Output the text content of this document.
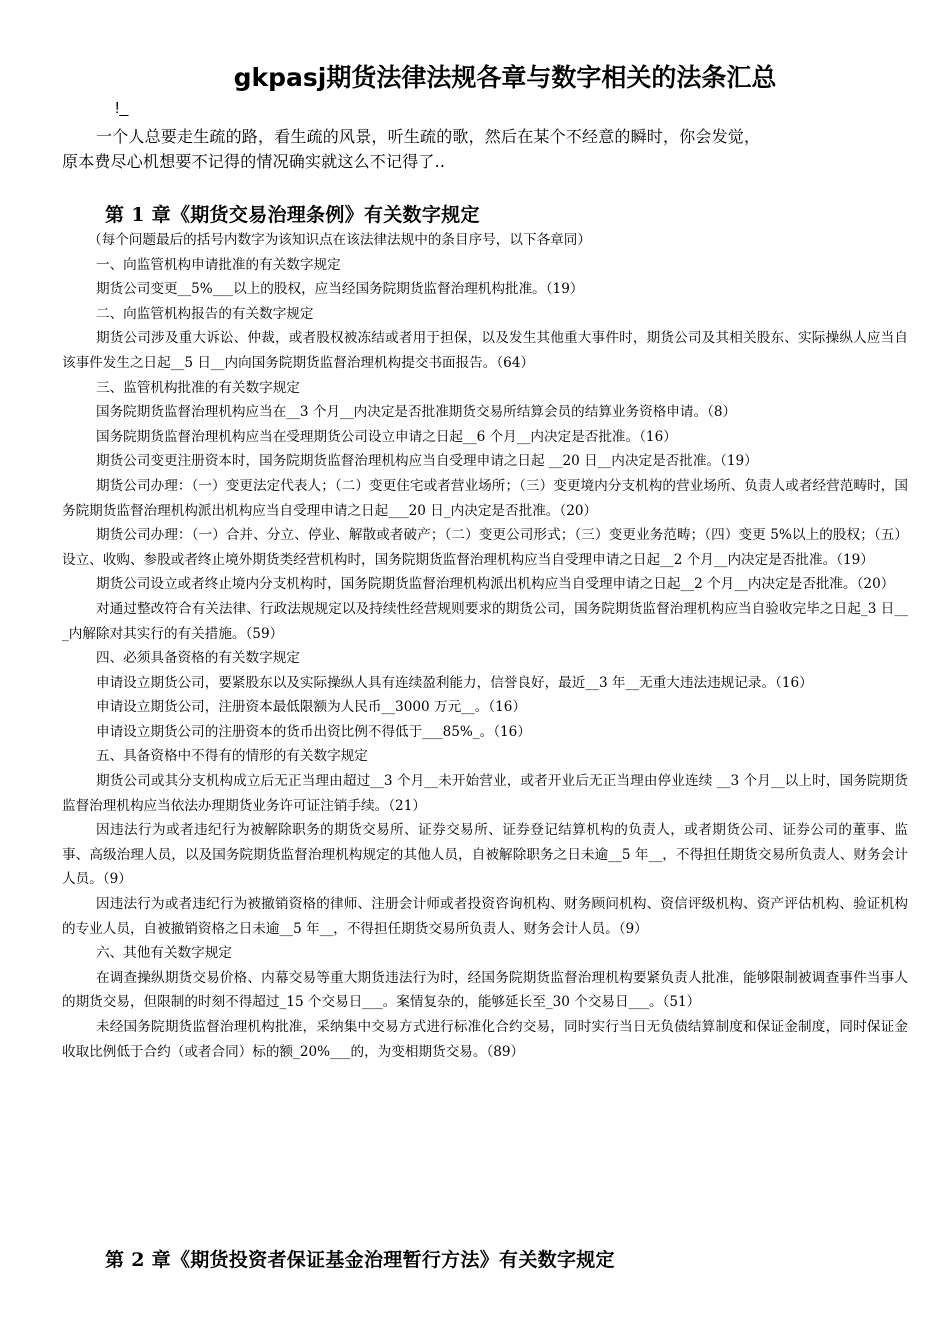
gkpasj期货法律法规各章与数字相关的法条汇总
!_

一个人总要走生疏的路，看生疏的风景，听生疏的歌，然后在某个不经意的瞬时，你会发觉，

原本费尽心机想要不记得的情况确实就这么不记得了..

第 1 章《期货交易治理条例》有关数字规定

（每个问题最后的括号内数字为该知识点在该法律法规中的条目序号，以下各章同）

一、向监管机构申请批准的有关数字规定

期货公司变更__5%___以上的股权，应当经国务院期货监督治理机构批准。（19）

二、向监管机构报告的有关数字规定

期货公司涉及重大诉讼、仲裁，或者股权被冻结或者用于担保，以及发生其他重大事件时，期货公司及其相关股东、实际操纵人应当自该事件发生之日起__5 日__内向国务院期货监督治理机构提交书面报告。（64）

三、监管机构批准的有关数字规定

国务院期货监督治理机构应当在__3 个月__内决定是否批准期货交易所结算会员的结算业务资格申请。（8）

国务院期货监督治理机构应当在受理期货公司设立申请之日起__6 个月__内决定是否批准。（16）

期货公司变更注册资本时，国务院期货监督治理机构应当自受理申请之日起 __20 日__内决定是否批准。（19）

期货公司办理：（一）变更法定代表人；（二）变更住宅或者营业场所；（三）变更境内分支机构的营业场所、负责人或者经营范畴时，国务院期货监督治理机构派出机构应当自受理申请之日起___20 日_内决定是否批准。（20）

期货公司办理：（一）合并、分立、停业、解散或者破产；（二）变更公司形式；（三）变更业务范畴；（四）变更 5%以上的股权；（五）设立、收购、参股或者终止境外期货类经营机构时，国务院期货监督治理机构应当自受理申请之日起__2 个月__内决定是否批准。（19）

期货公司设立或者终止境内分支机构时，国务院期货监督治理机构派出机构应当自受理申请之日起__2 个月__内决定是否批准。（20）

对通过整改符合有关法律、行政法规规定以及持续性经营规则要求的期货公司，国务院期货监督治理机构应当自验收完毕之日起_3 日___内解除对其实行的有关措施。（59）

四、必须具备资格的有关数字规定

申请设立期货公司，要紧股东以及实际操纵人具有连续盈利能力，信誉良好，最近__3 年__无重大违法违规记录。（16）

申请设立期货公司，注册资本最低限额为人民币__3000 万元__。（16）

申请设立期货公司的注册资本的货币出资比例不得低于___85%_。（16）

五、具备资格中不得有的情形的有关数字规定

期货公司或其分支机构成立后无正当理由超过__3 个月__未开始营业，或者开业后无正当理由停业连续 __3 个月__以上时，国务院期货监督治理机构应当依法办理期货业务许可证注销手续。（21）

因违法行为或者违纪行为被解除职务的期货交易所、证券交易所、证券登记结算机构的负责人，或者期货公司、证券公司的董事、监事、高级治理人员，以及国务院期货监督治理机构规定的其他人员，自被解除职务之日未逾__5 年__，不得担任期货交易所负责人、财务会计人员。（9）

因违法行为或者违纪行为被撤销资格的律师、注册会计师或者投资咨询机构、财务顾问机构、资信评级机构、资产评估机构、验证机构的专业人员，自被撤销资格之日未逾__5 年__，不得担任期货交易所负责人、财务会计人员。（9）

六、其他有关数字规定

在调查操纵期货交易价格、内幕交易等重大期货违法行为时，经国务院期货监督治理机构要紧负责人批准，能够限制被调查事件当事人的期货交易，但限制的时刻不得超过_15 个交易日___。案情复杂的，能够延长至_30 个交易日___。（51）

未经国务院期货监督治理机构批准，采纳集中交易方式进行标准化合约交易，同时实行当日无负债结算制度和保证金制度，同时保证金收取比例低于合约（或者合同）标的额_20%___的，为变相期货交易。（89）

第 2 章《期货投资者保证基金治理暂行方法》有关数字规定
